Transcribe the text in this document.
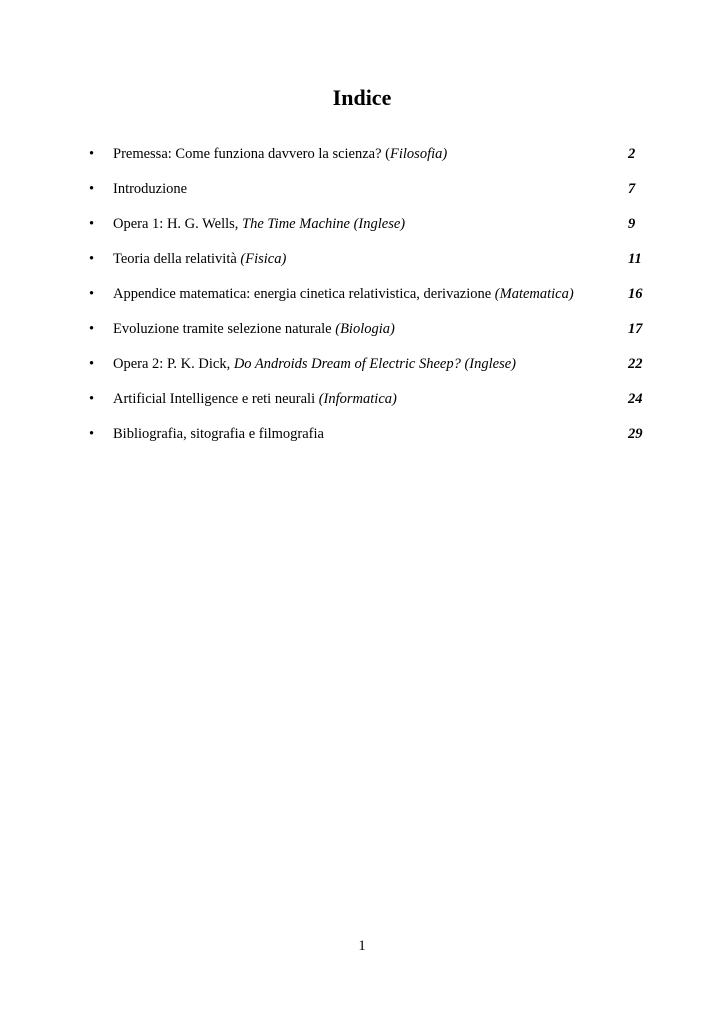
Indice
• Premessa: Come funziona davvero la scienza? (Filosofia)	2
• Introduzione	7
• Opera 1: H. G. Wells, The Time Machine (Inglese)	9
• Teoria della relatività (Fisica)	11
• Appendice matematica: energia cinetica relativistica, derivazione (Matematica)	16
• Evoluzione tramite selezione naturale (Biologia)	17
• Opera 2: P. K. Dick, Do Androids Dream of Electric Sheep? (Inglese)	22
• Artificial Intelligence e reti neurali (Informatica)	24
• Bibliografia, sitografia e filmografia	29
1
